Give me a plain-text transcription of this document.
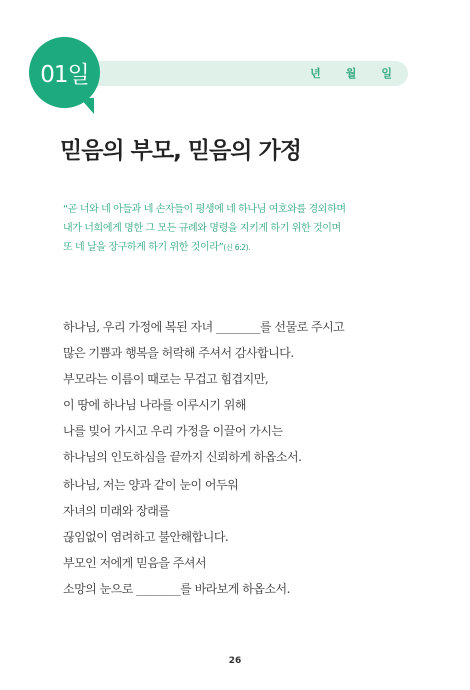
년 월 일
01일
믿음의 부모, 믿음의 가정
“곧 너와 네 아들과 네 손자들이 평생에 네 하나님 여호와를 경외하며
내가 너희에게 명한 그 모든 규례와 명령을 지키게 하기 위한 것이며
또 네 날을 장구하게 하기 위한 것이라”(신 6:2).
하나님, 우리 가정에 복된 자녀 ________를 선물로 주시고
많은 기쁨과 행복을 허락해 주셔서 감사합니다.
부모라는 이름이 때로는 무겁고 힘겹지만,
이 땅에 하나님 나라를 이루시기 위해
나를 빚어 가시고 우리 가정을 이끌어 가시는
하나님의 인도하심을 끝까지 신뢰하게 하옵소서.
하나님, 저는 양과 같이 눈이 어두워
자녀의 미래와 장래를
끊임없이 염려하고 불안해합니다.
부모인 저에게 믿음을 주셔서
소망의 눈으로 ________를 바라보게 하옵소서.
26
